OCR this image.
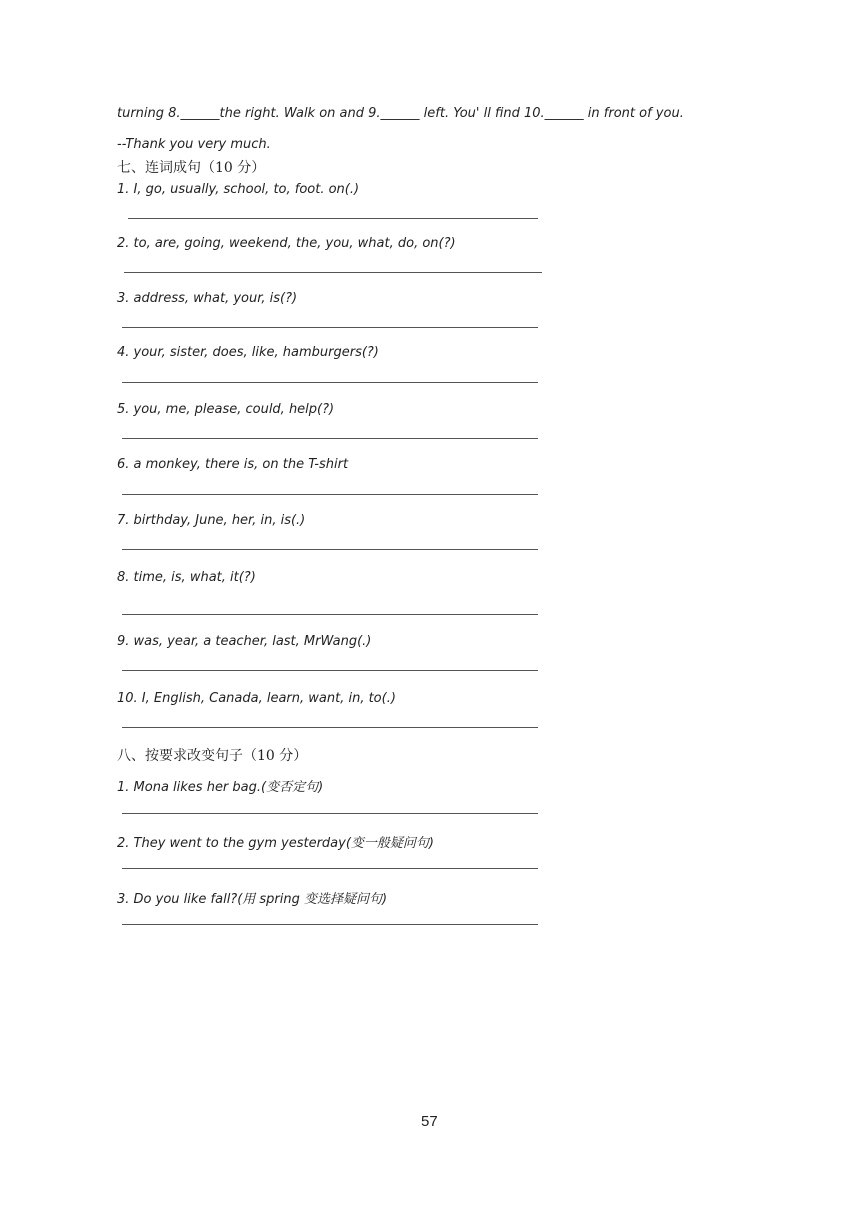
turning 8.______the right. Walk on and 9.______ left. You' ll find 10.______ in front of you.
--Thank you very much.
七、连词成句（10 分）
1. I, go, usually, school, to, foot. on(.)
2. to, are, going, weekend, the, you, what, do, on(?)
3. address, what, your, is(?)
4. your, sister, does, like, hamburgers(?)
5. you, me, please, could, help(?)
6. a monkey, there is, on the T-shirt
7. birthday, June, her, in, is(.)
8. time, is, what, it(?)
9. was, year, a teacher, last, MrWang(.)
10. I, English, Canada, learn, want, in, to(.)
八、按要求改变句子（10 分）
1. Mona likes her bag.(变否定句)
2. They went to the gym yesterday(变一般疑问句)
3. Do you like fall?(用 spring 变选择疑问句)
57
